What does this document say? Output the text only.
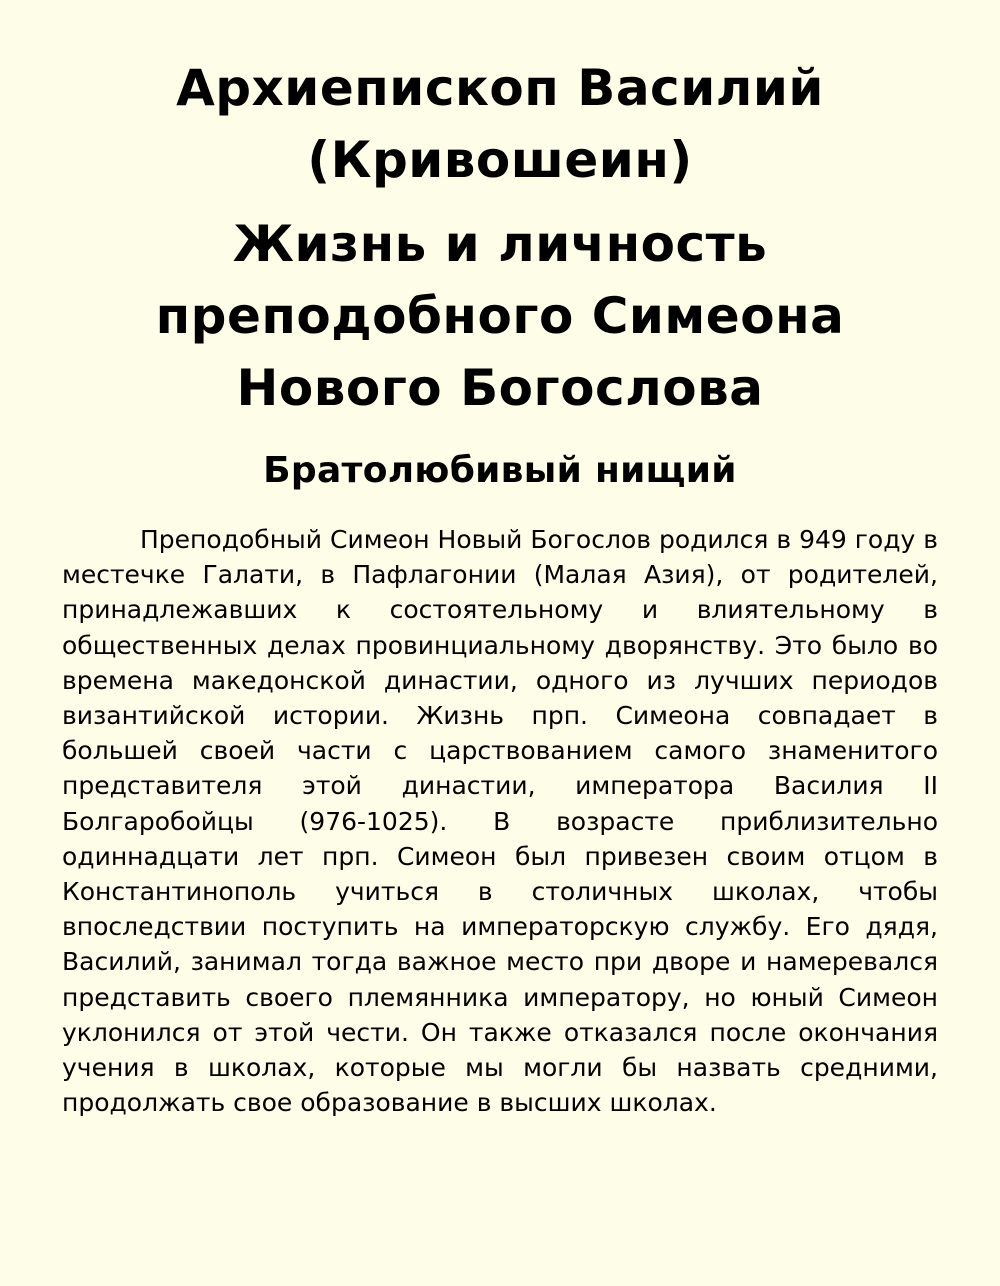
Архиепископ Василий (Кривошеин)
Жизнь и личность преподобного Симеона Нового Богослова
Братолюбивый нищий

Преподобный Симеон Новый Богослов родился в 949 году в местечке Галати, в Пафлагонии (Малая Азия), от родителей, принадлежавших к состоятельному и влиятельному в общественных делах провинциальному дворянству. Это было во времена македонской династии, одного из лучших периодов византийской истории. Жизнь прп. Симеона совпадает в большей своей части с царствованием самого знаменитого представителя этой династии, императора Василия II Болгаробойцы (976-1025). В возрасте приблизительно одиннадцати лет прп. Симеон был привезен своим отцом в Константинополь учиться в столичных школах, чтобы впоследствии поступить на императорскую службу. Его дядя, Василий, занимал тогда важное место при дворе и намеревался представить своего племянника императору, но юный Симеон уклонился от этой чести. Он также отказался после окончания учения в школах, которые мы могли бы назвать средними, продолжать свое образование в высших школах.
